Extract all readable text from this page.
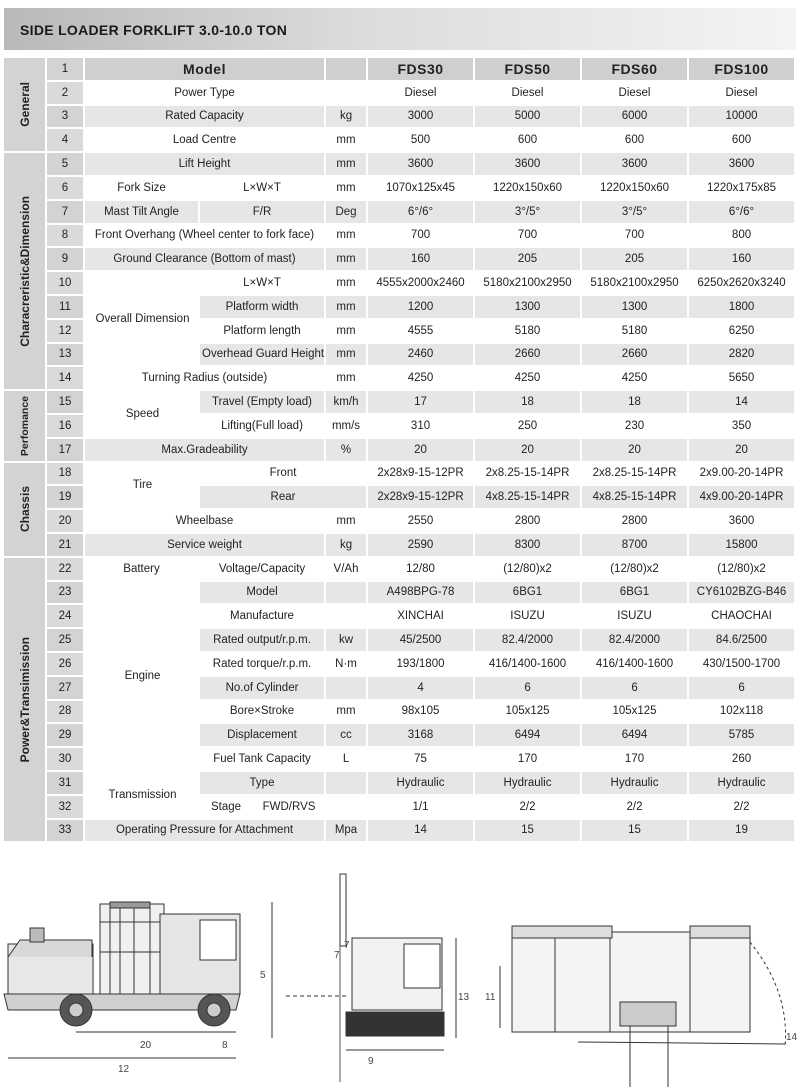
SIDE LOADER FORKLIFT 3.0-10.0 TON
General	1	Model				FDS30	FDS50	FDS60	FDS100
	2	Power Type				Diesel	Diesel	Diesel	Diesel
	3	Rated Capacity			kg	3000	5000	6000	10000
	4	Load Centre			mm	500	600	600	600

Characreristic&Dimension	5	Lift Height			mm	3600	3600	3600	3600
	6	Fork Size	L×W×T		mm	1070x125x45	1220x150x60	1220x150x60	1220x175x85
	7	Mast Tilt Angle	F/R		Deg	6°/6°	3°/5°	3°/5°	6°/6°
	8	Front Overhang (Wheel center to fork face)			mm	700	700	700	800
	9	Ground Clearance (Bottom of mast)			mm	160	205	205	160
	10	Overall Dimension	L×W×T		mm	4555x2000x2460	5180x2100x2950	5180x2100x2950	6250x2620x3240
	11		Platform width		mm	1200	1300	1300	1800
	12		Platform length		mm	4555	5180	5180	6250
	13		Overhead Guard Height		mm	2460	2660	2660	2820
	14	Turning Radius (outside)			mm	4250	4250	4250	5650

Perfomance	15	Speed	Travel (Empty load)		km/h	17	18	18	14
	16		Lifting(Full load)		mm/s	310	250	230	350
	17	Max.Gradeability			%	20	20	20	20

Chassis	18	Tire	Front			2x28x9-15-12PR	2x8.25-15-14PR	2x8.25-15-14PR	2x9.00-20-14PR
	19		Rear			2x28x9-15-12PR	4x8.25-15-14PR	4x8.25-15-14PR	4x9.00-20-14PR
	20	Wheelbase			mm	2550	2800	2800	3600
	21	Service weight			kg	2590	8300	8700	15800

Power&Transimission	22	Battery	Voltage/Capacity		V/Ah	12/80	(12/80)x2	(12/80)x2	(12/80)x2
	23	Engine	Model			A498BPG-78	6BG1	6BG1	CY6102BZG-B46
	24		Manufacture			XINCHAI	ISUZU	ISUZU	CHAOCHAI
	25		Rated output/r.p.m.		kw	45/2500	82.4/2000	82.4/2000	84.6/2500
	26		Rated torque/r.p.m.		N·m	193/1800	416/1400-1600	416/1400-1600	430/1500-1700
	27		No.of Cylinder			4	6	6	6
	28		Bore×Stroke		mm	98x105	105x125	105x125	102x118
	29		Displacement		cc	3168	6494	6494	5785
	30		Fuel Tank Capacity		L	75	170	170	260
	31	Transmission	Type			Hydraulic	Hydraulic	Hydraulic	Hydraulic
	32		Stage	FWD/RVS		1/1	2/2	2/2	2/2
	33	Operating Pressure for Attachment			Mpa	14	15	15	19
20	8
12
5
7
7
13
9
11
14
